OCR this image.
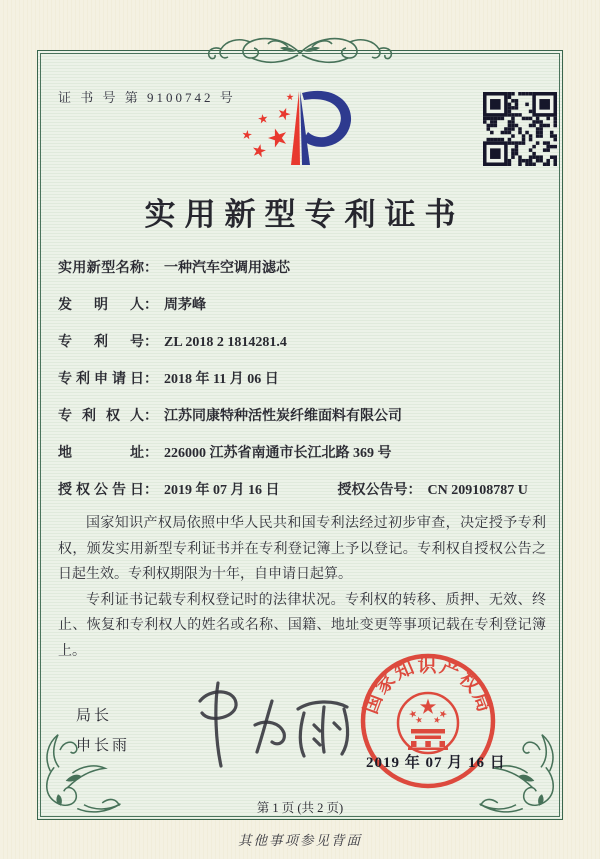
证 书 号 第 9100742 号
实用新型专利证书
实用新型名称： 一种汽车空调用滤芯
发明人： 周茅峰
专利号： ZL 2018 2 1814281.4
专利申请日： 2018 年 11 月 06 日
专利权人： 江苏同康特种活性炭纤维面料有限公司
地址： 226000 江苏省南通市长江北路 369 号
授权公告日： 2019 年 07 月 16 日	授权公告号： CN 209108787 U

国家知识产权局依照中华人民共和国专利法经过初步审查，决定授予专利权，颁发实用新型专利证书并在专利登记簿上予以登记。专利权自授权公告之日起生效。专利权期限为十年，自申请日起算。

专利证书记载专利权登记时的法律状况。专利权的转移、质押、无效、终止、恢复和专利权人的姓名或名称、国籍、地址变更等事项记载在专利登记簿上。

局长
申长雨
国家知识产权局
2019 年 07 月 16 日
第 1 页 (共 2 页)
其他事项参见背面
